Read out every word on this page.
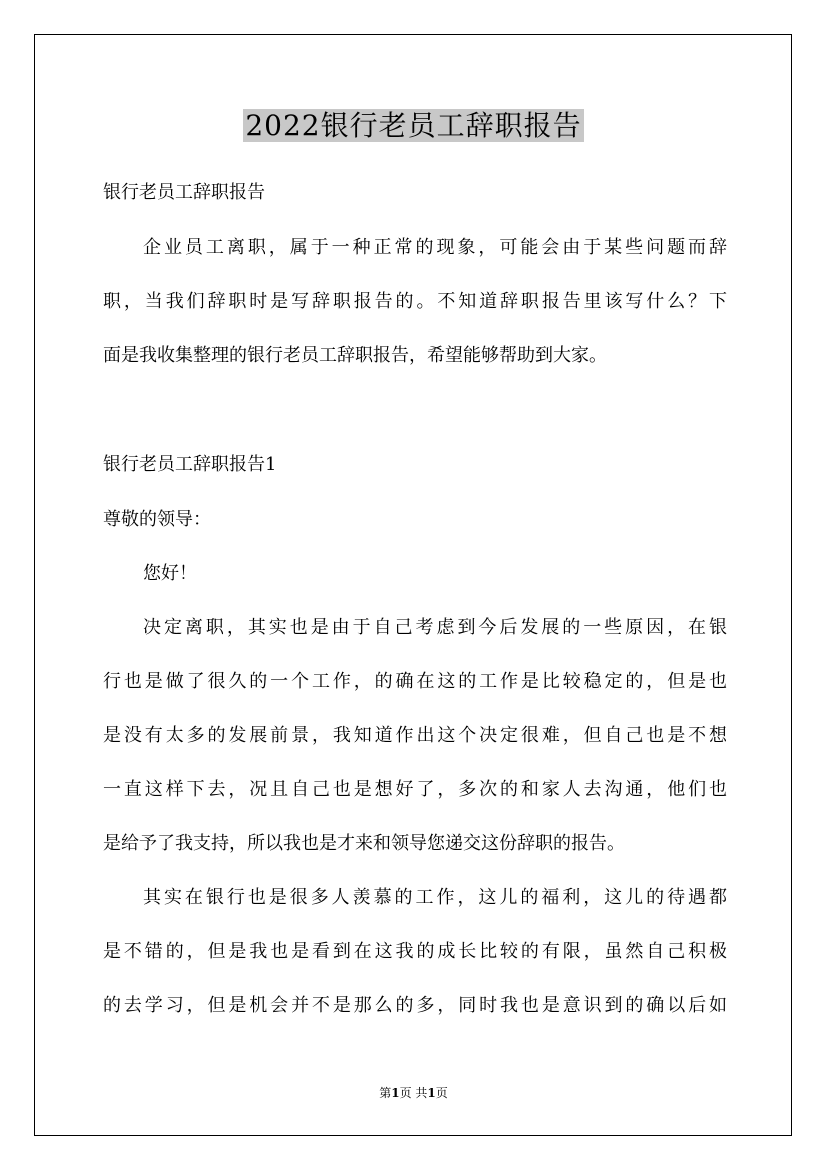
2022银行老员工辞职报告
银行老员工辞职报告
企业员工离职，属于一种正常的现象，可能会由于某些问题而辞
职，当我们辞职时是写辞职报告的。不知道辞职报告里该写什么？下
面是我收集整理的银行老员工辞职报告，希望能够帮助到大家。
银行老员工辞职报告1
尊敬的领导：
您好！
决定离职，其实也是由于自己考虑到今后发展的一些原因，在银
行也是做了很久的一个工作，的确在这的工作是比较稳定的，但是也
是没有太多的发展前景，我知道作出这个决定很难，但自己也是不想
一直这样下去，况且自己也是想好了，多次的和家人去沟通，他们也
是给予了我支持，所以我也是才来和领导您递交这份辞职的报告。
其实在银行也是很多人羡慕的工作，这儿的福利，这儿的待遇都
是不错的，但是我也是看到在这我的成长比较的有限，虽然自己积极
的去学习，但是机会并不是那么的多，同时我也是意识到的确以后如
第1页 共1页
